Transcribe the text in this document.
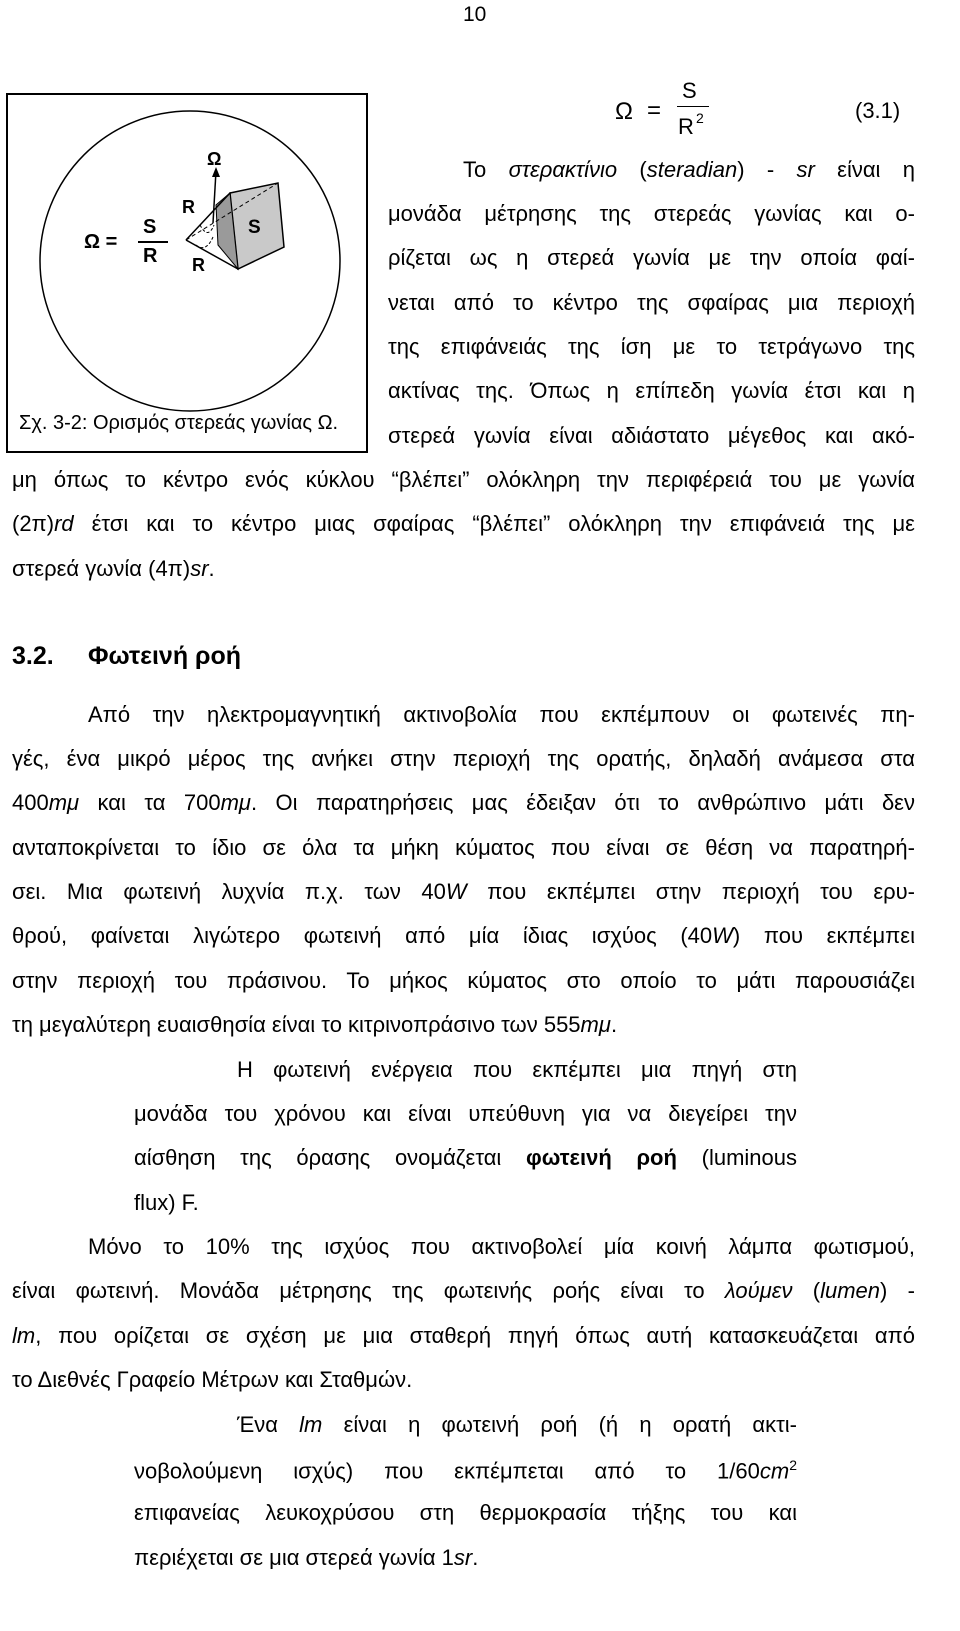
10
Ω =
S
R 2	(3.1)
Ω =
S
R
Ω
R
R
S
Σχ. 3-2: Ορισμός στερεάς γωνίας Ω.
Το στερακτίνιο (steradian) - sr είναι η
μονάδα μέτρησης της στερεάς γωνίας και ο-
ρίζεται ως η στερεά γωνία με την οποία φαί-
νεται από το κέντρο της σφαίρας μια περιοχή
της επιφάνειάς της ίση με το τετράγωνο της
ακτίνας της. Όπως η επίπεδη γωνία έτσι και η
στερεά γωνία είναι αδιάστατο μέγεθος και ακό-
μη όπως το κέντρο ενός κύκλου “βλέπει” ολόκληρη την περιφέρειά του με γωνία
(2π)rd έτσι και το κέντρο μιας σφαίρας “βλέπει” ολόκληρη την επιφάνειά της με
στερεά γωνία (4π)sr.
3.2. Φωτεινή ροή
Από την ηλεκτρομαγνητική ακτινοβολία που εκπέμπουν οι φωτεινές πη-
γές, ένα μικρό μέρος της ανήκει στην περιοχή της ορατής, δηλαδή ανάμεσα στα
400mμ και τα 700mμ. Οι παρατηρήσεις μας έδειξαν ότι το ανθρώπινο μάτι δεν
ανταποκρίνεται το ίδιο σε όλα τα μήκη κύματος που είναι σε θέση να παρατηρή-
σει. Μια φωτεινή λυχνία π.χ. των 40W που εκπέμπει στην περιοχή του ερυ-
θρού, φαίνεται λιγώτερο φωτεινή από μία ίδιας ισχύος (40W) που εκπέμπει
στην περιοχή του πράσινου. Το μήκος κύματος στο οποίο το μάτι παρουσιάζει
τη μεγαλύτερη ευαισθησία είναι το κιτρινοπράσινο των 555mμ.
Η φωτεινή ενέργεια που εκπέμπει μια πηγή στη
μονάδα του χρόνου και είναι υπεύθυνη για να διεγείρει την
αίσθηση της όρασης ονομάζεται φωτεινή ροή (luminous
flux) F.
Μόνο το 10% της ισχύος που ακτινοβολεί μία κοινή λάμπα φωτισμού,
είναι φωτεινή. Μονάδα μέτρησης της φωτεινής ροής είναι το λούμεν (lumen) -
lm, που ορίζεται σε σχέση με μια σταθερή πηγή όπως αυτή κατασκευάζεται από
το Διεθνές Γραφείο Μέτρων και Σταθμών.
Ένα lm είναι η φωτεινή ροή (ή η ορατή ακτι-
νοβολούμενη ισχύς) που εκπέμπεται από το $1/60cm^2$
επιφανείας λευκοχρύσου στη θερμοκρασία τήξης του και
περιέχεται σε μια στερεά γωνία 1sr.
